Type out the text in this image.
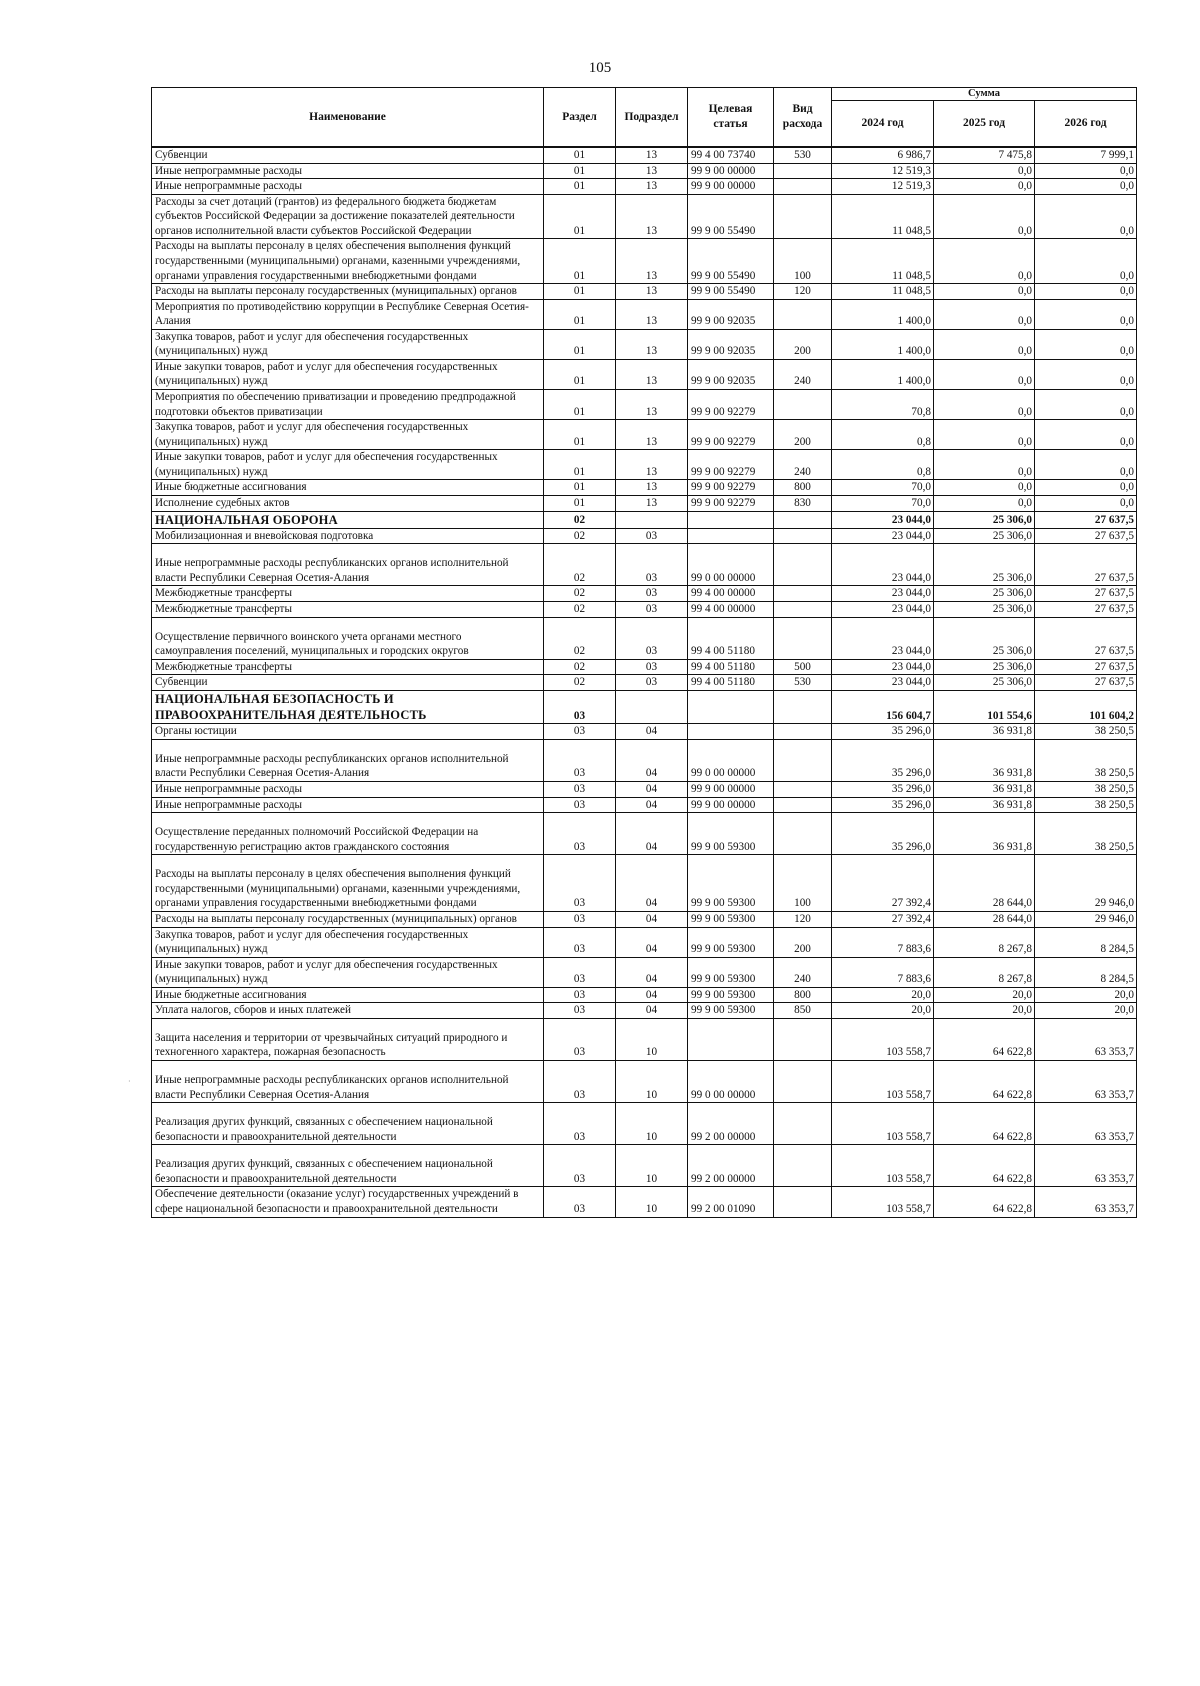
105
Наименование	Раздел	Подраздел	Целевая статья	Вид расхода	Сумма		
					2024 год	2025 год	2026 год
Субвенции	01	13	99 4 00 73740	530	6 986,7	7 475,8	7 999,1
Иные непрограммные расходы	01	13	99 9 00 00000		12 519,3	0,0	0,0
Иные непрограммные расходы	01	13	99 9 00 00000		12 519,3	0,0	0,0
Расходы за счет дотаций (грантов) из федерального бюджета бюджетам субъектов Российской Федерации за достижение показателей деятельности органов исполнительной власти субъектов Российской Федерации	01	13	99 9 00 55490		11 048,5	0,0	0,0
Расходы на выплаты персоналу в целях обеспечения выполнения функций государственными (муниципальными) органами, казенными учреждениями, органами управления государственными внебюджетными фондами	01	13	99 9 00 55490	100	11 048,5	0,0	0,0
Расходы на выплаты персоналу государственных (муниципальных) органов	01	13	99 9 00 55490	120	11 048,5	0,0	0,0
Мероприятия по противодействию коррупции в Республике Северная Осетия-Алания	01	13	99 9 00 92035		1 400,0	0,0	0,0
Закупка товаров, работ и услуг для обеспечения государственных (муниципальных) нужд	01	13	99 9 00 92035	200	1 400,0	0,0	0,0
Иные закупки товаров, работ и услуг для обеспечения государственных (муниципальных) нужд	01	13	99 9 00 92035	240	1 400,0	0,0	0,0
Мероприятия по обеспечению приватизации и проведению предпродажной подготовки объектов приватизации	01	13	99 9 00 92279		70,8	0,0	0,0
Закупка товаров, работ и услуг для обеспечения государственных (муниципальных) нужд	01	13	99 9 00 92279	200	0,8	0,0	0,0
Иные закупки товаров, работ и услуг для обеспечения государственных (муниципальных) нужд	01	13	99 9 00 92279	240	0,8	0,0	0,0
Иные бюджетные ассигнования	01	13	99 9 00 92279	800	70,0	0,0	0,0
Исполнение судебных актов	01	13	99 9 00 92279	830	70,0	0,0	0,0
НАЦИОНАЛЬНАЯ ОБОРОНА	02				23 044,0	25 306,0	27 637,5
Мобилизационная и вневойсковая подготовка	02	03			23 044,0	25 306,0	27 637,5
Иные непрограммные расходы республиканских органов исполнительной власти Республики Северная Осетия-Алания	02	03	99 0 00 00000		23 044,0	25 306,0	27 637,5
Межбюджетные трансферты	02	03	99 4 00 00000		23 044,0	25 306,0	27 637,5
Межбюджетные трансферты	02	03	99 4 00 00000		23 044,0	25 306,0	27 637,5
Осуществление первичного воинского учета органами местного самоуправления поселений, муниципальных и городских округов	02	03	99 4 00 51180		23 044,0	25 306,0	27 637,5
Межбюджетные трансферты	02	03	99 4 00 51180	500	23 044,0	25 306,0	27 637,5
Субвенции	02	03	99 4 00 51180	530	23 044,0	25 306,0	27 637,5
НАЦИОНАЛЬНАЯ БЕЗОПАСНОСТЬ И ПРАВООХРАНИТЕЛЬНАЯ ДЕЯТЕЛЬНОСТЬ	03				156 604,7	101 554,6	101 604,2
Органы юстиции	03	04			35 296,0	36 931,8	38 250,5
Иные непрограммные расходы республиканских органов исполнительной власти Республики Северная Осетия-Алания	03	04	99 0 00 00000		35 296,0	36 931,8	38 250,5
Иные непрограммные расходы	03	04	99 9 00 00000		35 296,0	36 931,8	38 250,5
Иные непрограммные расходы	03	04	99 9 00 00000		35 296,0	36 931,8	38 250,5
Осуществление переданных полномочий Российской Федерации на государственную регистрацию актов гражданского состояния	03	04	99 9 00 59300		35 296,0	36 931,8	38 250,5
Расходы на выплаты персоналу в целях обеспечения выполнения функций государственными (муниципальными) органами, казенными учреждениями, органами управления государственными внебюджетными фондами	03	04	99 9 00 59300	100	27 392,4	28 644,0	29 946,0
Расходы на выплаты персоналу государственных (муниципальных) органов	03	04	99 9 00 59300	120	27 392,4	28 644,0	29 946,0
Закупка товаров, работ и услуг для обеспечения государственных (муниципальных) нужд	03	04	99 9 00 59300	200	7 883,6	8 267,8	8 284,5
Иные закупки товаров, работ и услуг для обеспечения государственных (муниципальных) нужд	03	04	99 9 00 59300	240	7 883,6	8 267,8	8 284,5
Иные бюджетные ассигнования	03	04	99 9 00 59300	800	20,0	20,0	20,0
Уплата налогов, сборов и иных платежей	03	04	99 9 00 59300	850	20,0	20,0	20,0
Защита населения и территории от чрезвычайных ситуаций природного и техногенного характера, пожарная безопасность	03	10			103 558,7	64 622,8	63 353,7
Иные непрограммные расходы республиканских органов исполнительной власти Республики Северная Осетия-Алания	03	10	99 0 00 00000		103 558,7	64 622,8	63 353,7
Реализация других функций, связанных с обеспечением национальной безопасности и правоохранительной деятельности	03	10	99 2 00 00000		103 558,7	64 622,8	63 353,7
Реализация других функций, связанных с обеспечением национальной безопасности и правоохранительной деятельности	03	10	99 2 00 00000		103 558,7	64 622,8	63 353,7
Обеспечение деятельности (оказание услуг) государственных учреждений в сфере национальной безопасности и правоохранительной деятельности	03	10	99 2 00 01090		103 558,7	64 622,8	63 353,7
·
